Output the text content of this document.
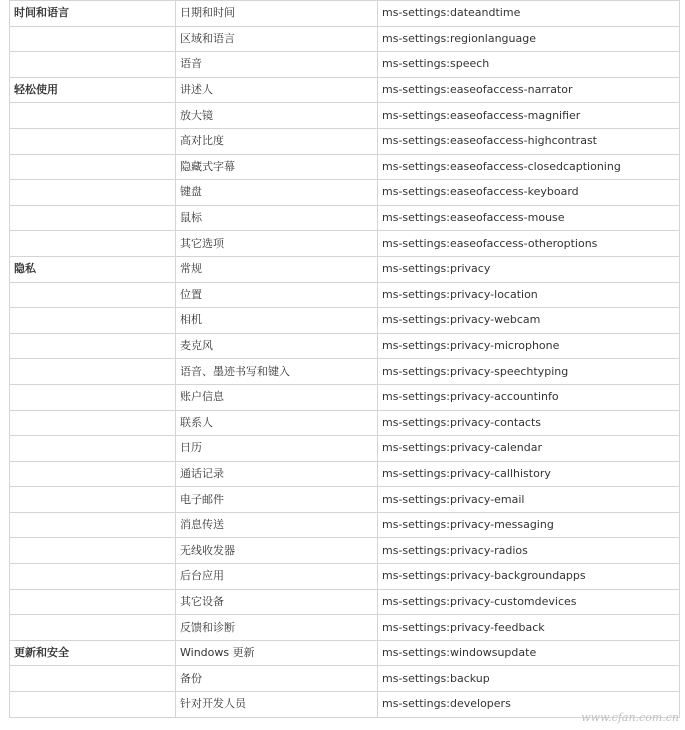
时间和语言	日期和时间	ms-settings:dateandtime
	区域和语言	ms-settings:regionlanguage
	语音	ms-settings:speech
轻松使用	讲述人	ms-settings:easeofaccess-narrator
	放大镜	ms-settings:easeofaccess-magnifier
	高对比度	ms-settings:easeofaccess-highcontrast
	隐藏式字幕	ms-settings:easeofaccess-closedcaptioning
	键盘	ms-settings:easeofaccess-keyboard
	鼠标	ms-settings:easeofaccess-mouse
	其它选项	ms-settings:easeofaccess-otheroptions
隐私	常规	ms-settings:privacy
	位置	ms-settings:privacy-location
	相机	ms-settings:privacy-webcam
	麦克风	ms-settings:privacy-microphone
	语音、墨迹书写和键入	ms-settings:privacy-speechtyping
	账户信息	ms-settings:privacy-accountinfo
	联系人	ms-settings:privacy-contacts
	日历	ms-settings:privacy-calendar
	通话记录	ms-settings:privacy-callhistory
	电子邮件	ms-settings:privacy-email
	消息传送	ms-settings:privacy-messaging
	无线收发器	ms-settings:privacy-radios
	后台应用	ms-settings:privacy-backgroundapps
	其它设备	ms-settings:privacy-customdevices
	反馈和诊断	ms-settings:privacy-feedback
更新和安全	Windows 更新	ms-settings:windowsupdate
	备份	ms-settings:backup
	针对开发人员	ms-settings:developers
www.cfan.com.cn
